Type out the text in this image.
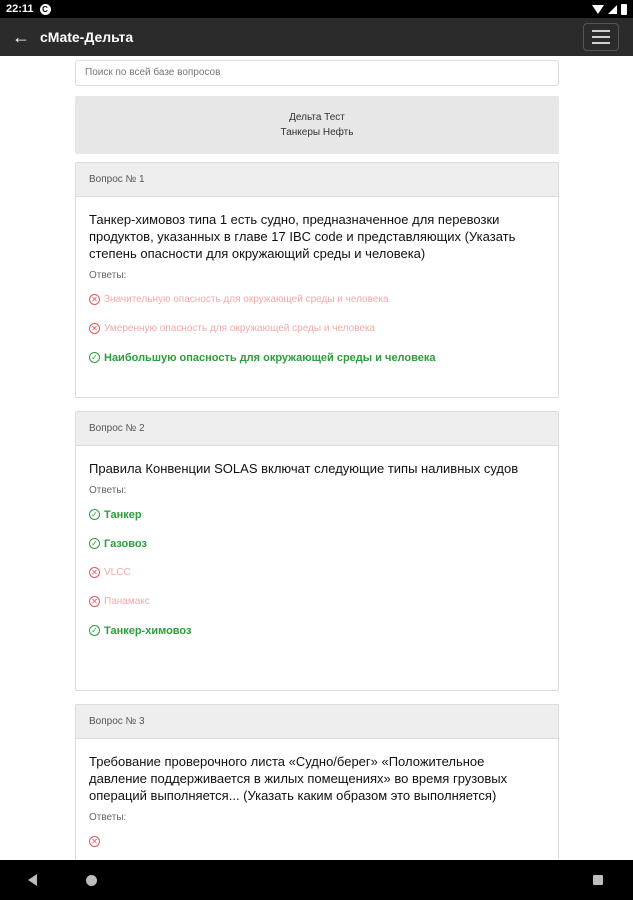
22:11	C
← cMate-Дельта
Поиск по всей базе вопросов
Дельта Тест
Танкеры Нефть
Вопрос № 1
Танкер-химовоз типа 1 есть судно, предназначенное для перевозки продуктов, указанных в главе 17 IBC code и представляющих (Указать степень опасности для окружающий среды и человека)
Ответы:
✕ Значительную опасность для окружающей среды и человека
✕ Умеренную опасность для окружающей среды и человека
✓ Наибольшую опасность для окружающей среды и человека
Вопрос № 2
Правила Конвенции SOLAS включат следующие типы наливных судов
Ответы:
✓ Танкер
✓ Газовоз
✕ VLCC
✕ Панамакс
✓ Танкер-химовоз
Вопрос № 3
Требование проверочного листа «Судно/берег» «Положительное давление поддерживается в жилых помещениях» во время грузовых операций выполняется... (Указать каким образом это выполняется)
Ответы:
✕
